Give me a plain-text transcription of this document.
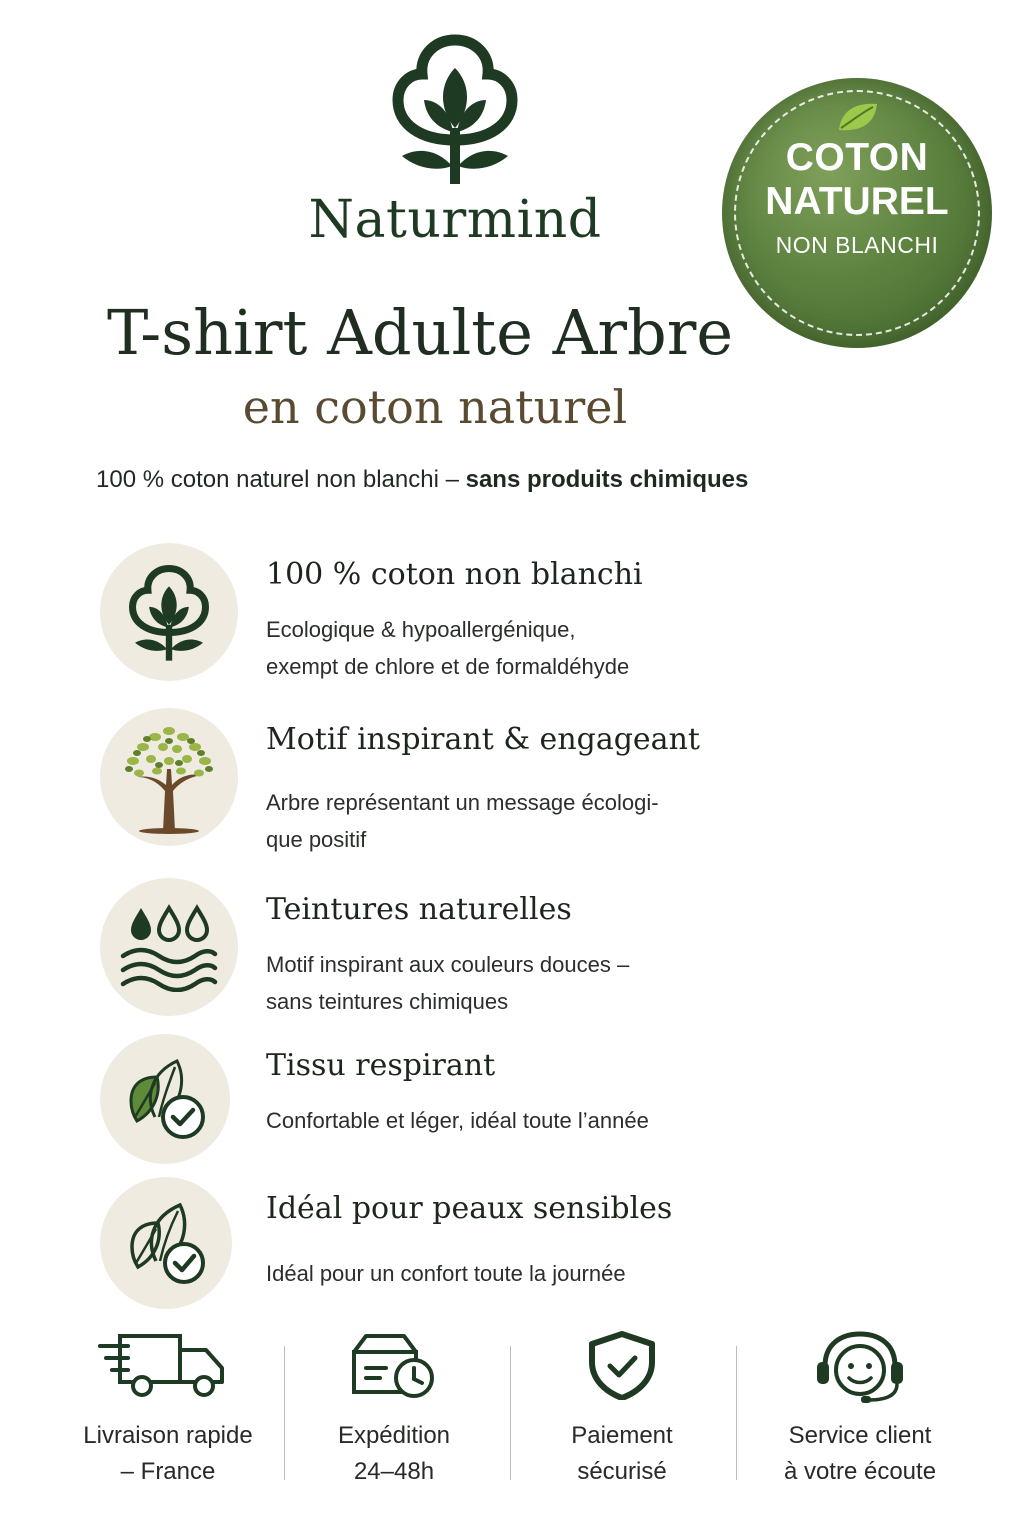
Naturmind
COTON
NATUREL
NON BLANCHI
T-shirt Adulte Arbre
en coton naturel
100 % coton naturel non blanchi – sans produits chimiques
100 % coton non blanchi
Ecologique & hypoallergénique,
exempt de chlore et de formaldéhyde
Motif inspirant & engageant
Arbre représentant un message écologi-
que positif
Teintures naturelles
Motif inspirant aux couleurs douces –
sans teintures chimiques
Tissu respirant
Confortable et léger, idéal toute l’année
Idéal pour peaux sensibles
Idéal pour un confort toute la journée
Livraison rapide
– France
Expédition
24–48h
Paiement
sécurisé
Service client
à votre écoute
